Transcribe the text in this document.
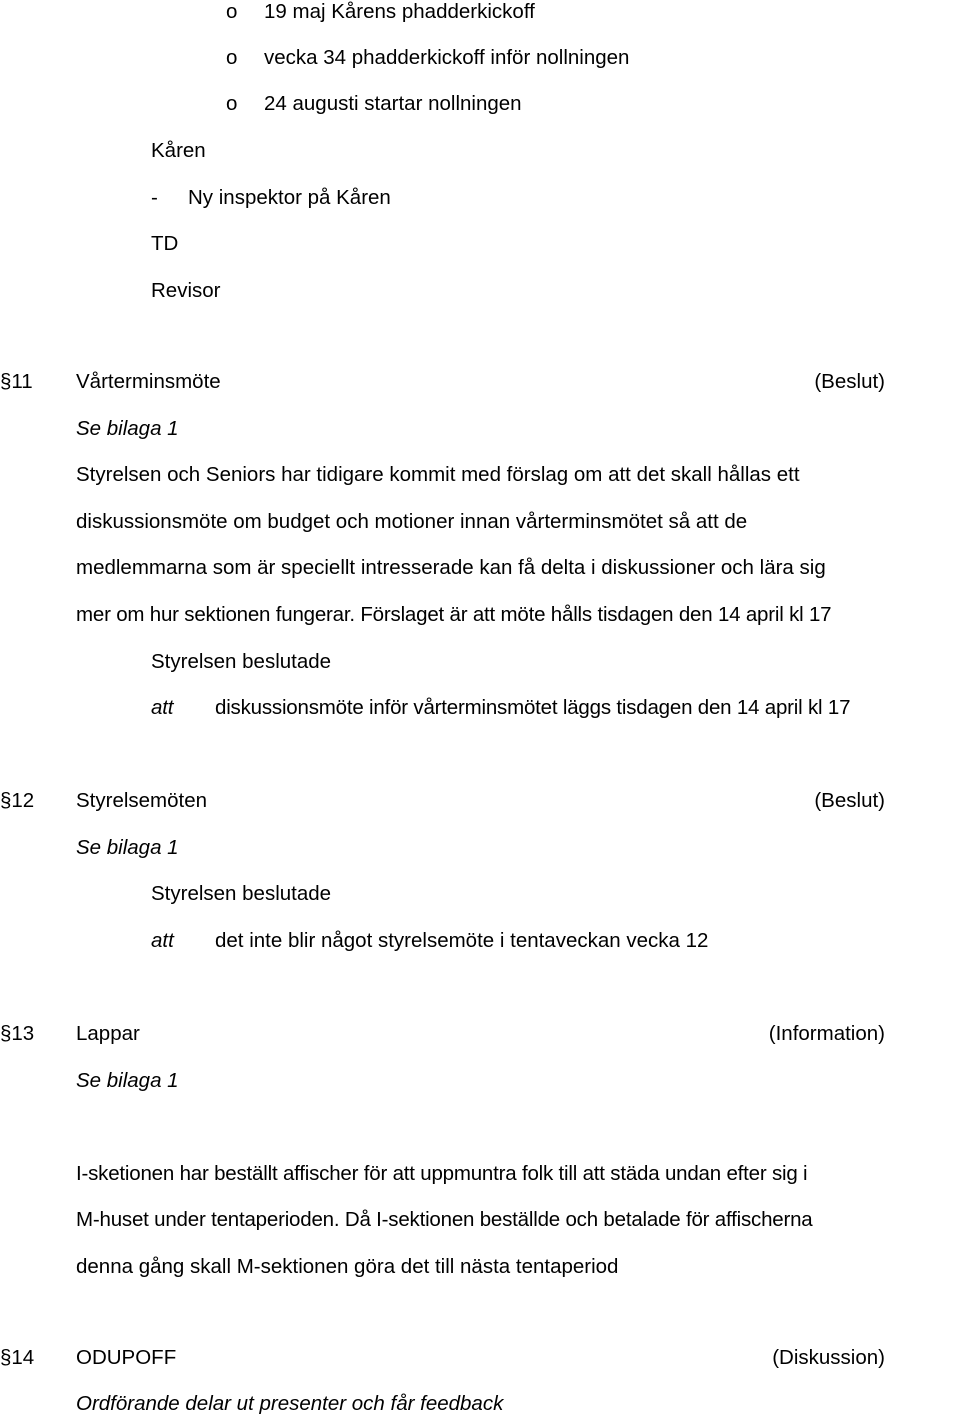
o 19 maj Kårens phadderkickoff
o vecka 34 phadderkickoff inför nollningen
o 24 augusti startar nollningen
Kåren
- Ny inspektor på Kåren
TD
Revisor
§11 Vårterminsmöte	(Beslut)
Se bilaga 1
Styrelsen och Seniors har tidigare kommit med förslag om att det skall hållas ett
diskussionsmöte om budget och motioner innan vårterminsmötet så att de
medlemmarna som är speciellt intresserade kan få delta i diskussioner och lära sig
mer om hur sektionen fungerar. Förslaget är att möte hålls tisdagen den 14 april kl 17
Styrelsen beslutade
att diskussionsmöte inför vårterminsmötet läggs tisdagen den 14 april kl 17
§12 Styrelsemöten	(Beslut)
Se bilaga 1
Styrelsen beslutade
att det inte blir något styrelsemöte i tentaveckan vecka 12
§13 Lappar	(Information)
Se bilaga 1
I-sketionen har beställt affischer för att uppmuntra folk till att städa undan efter sig i
M-huset under tentaperioden. Då I-sektionen beställde och betalade för affischerna
denna gång skall M-sektionen göra det till nästa tentaperiod
§14 ODUPOFF	(Diskussion)
Ordförande delar ut presenter och får feedback
